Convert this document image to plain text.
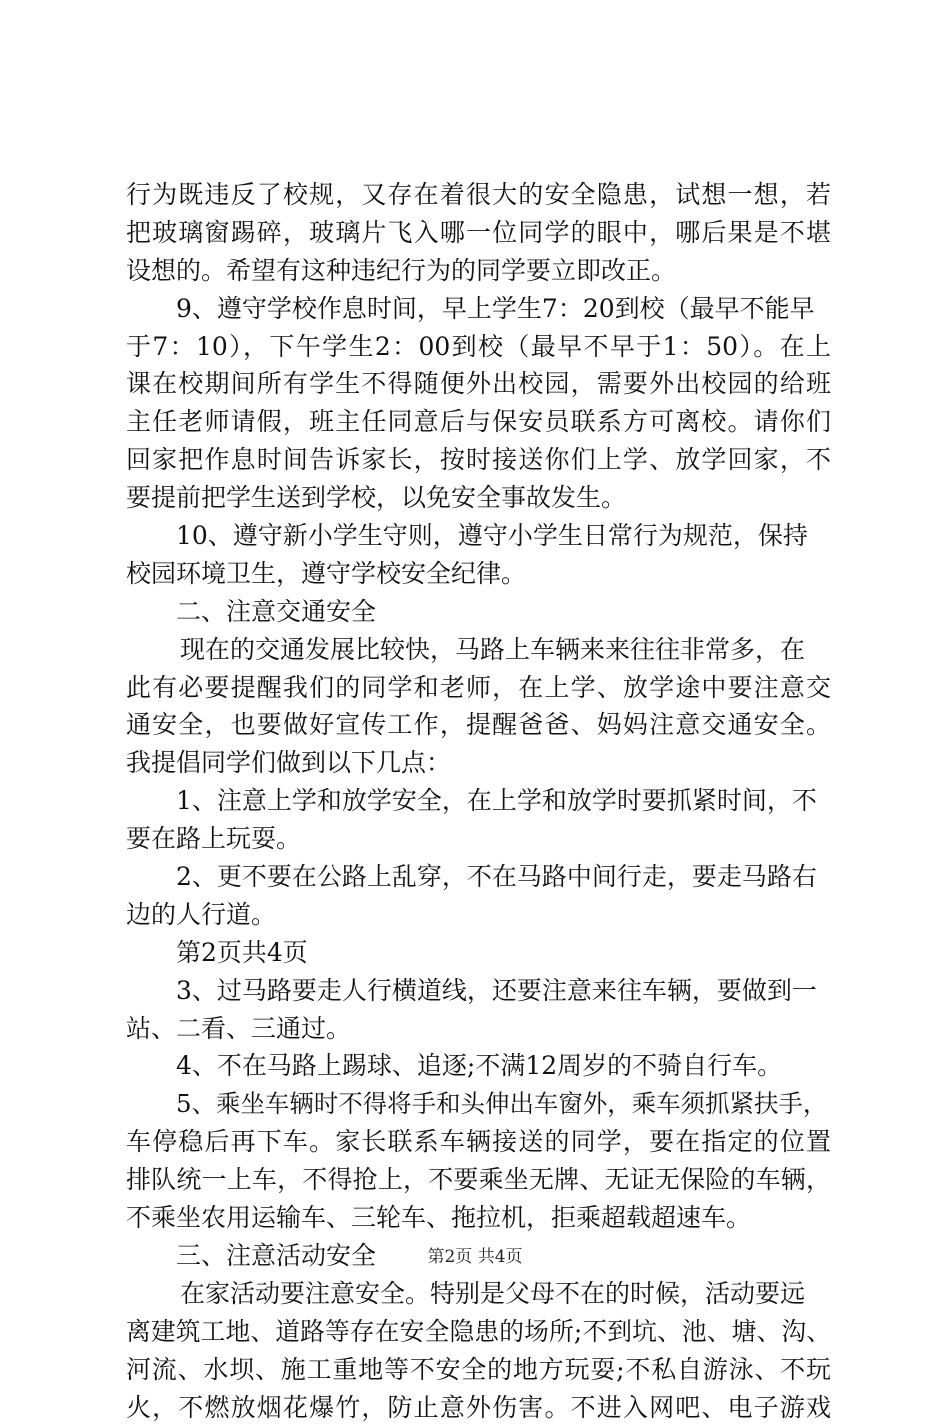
行为既违反了校规，又存在着很大的安全隐患，试想一想，若
把玻璃窗踢碎，玻璃片飞入哪一位同学的眼中，哪后果是不堪
设想的。希望有这种违纪行为的同学要立即改正。
9、遵守学校作息时间，早上学生7：20到校（最早不能早
于7：10），下午学生2：00到校（最早不早于1：50）。在上
课在校期间所有学生不得随便外出校园，需要外出校园的给班
主任老师请假，班主任同意后与保安员联系方可离校。请你们
回家把作息时间告诉家长，按时接送你们上学、放学回家，不
要提前把学生送到学校，以免安全事故发生。
10、遵守新小学生守则，遵守小学生日常行为规范，保持
校园环境卫生，遵守学校安全纪律。
二、注意交通安全
现在的交通发展比较快，马路上车辆来来往往非常多，在
此有必要提醒我们的同学和老师，在上学、放学途中要注意交
通安全，也要做好宣传工作，提醒爸爸、妈妈注意交通安全。
我提倡同学们做到以下几点：
1、注意上学和放学安全，在上学和放学时要抓紧时间，不
要在路上玩耍。
2、更不要在公路上乱穿，不在马路中间行走，要走马路右
边的人行道。
第2页共4页
3、过马路要走人行横道线，还要注意来往车辆，要做到一
站、二看、三通过。
4、不在马路上踢球、追逐;不满12周岁的不骑自行车。
5、乘坐车辆时不得将手和头伸出车窗外，乘车须抓紧扶手，
车停稳后再下车。家长联系车辆接送的同学，要在指定的位置
排队统一上车，不得抢上，不要乘坐无牌、无证无保险的车辆，
不乘坐农用运输车、三轮车、拖拉机，拒乘超载超速车。
三、注意活动安全
在家活动要注意安全。特别是父母不在的时候，活动要远
离建筑工地、道路等存在安全隐患的场所;不到坑、池、塘、沟、
河流、水坝、施工重地等不安全的地方玩耍;不私自游泳、不玩
火，不燃放烟花爆竹，防止意外伤害。不进入网吧、电子游戏
第2页 共4页
